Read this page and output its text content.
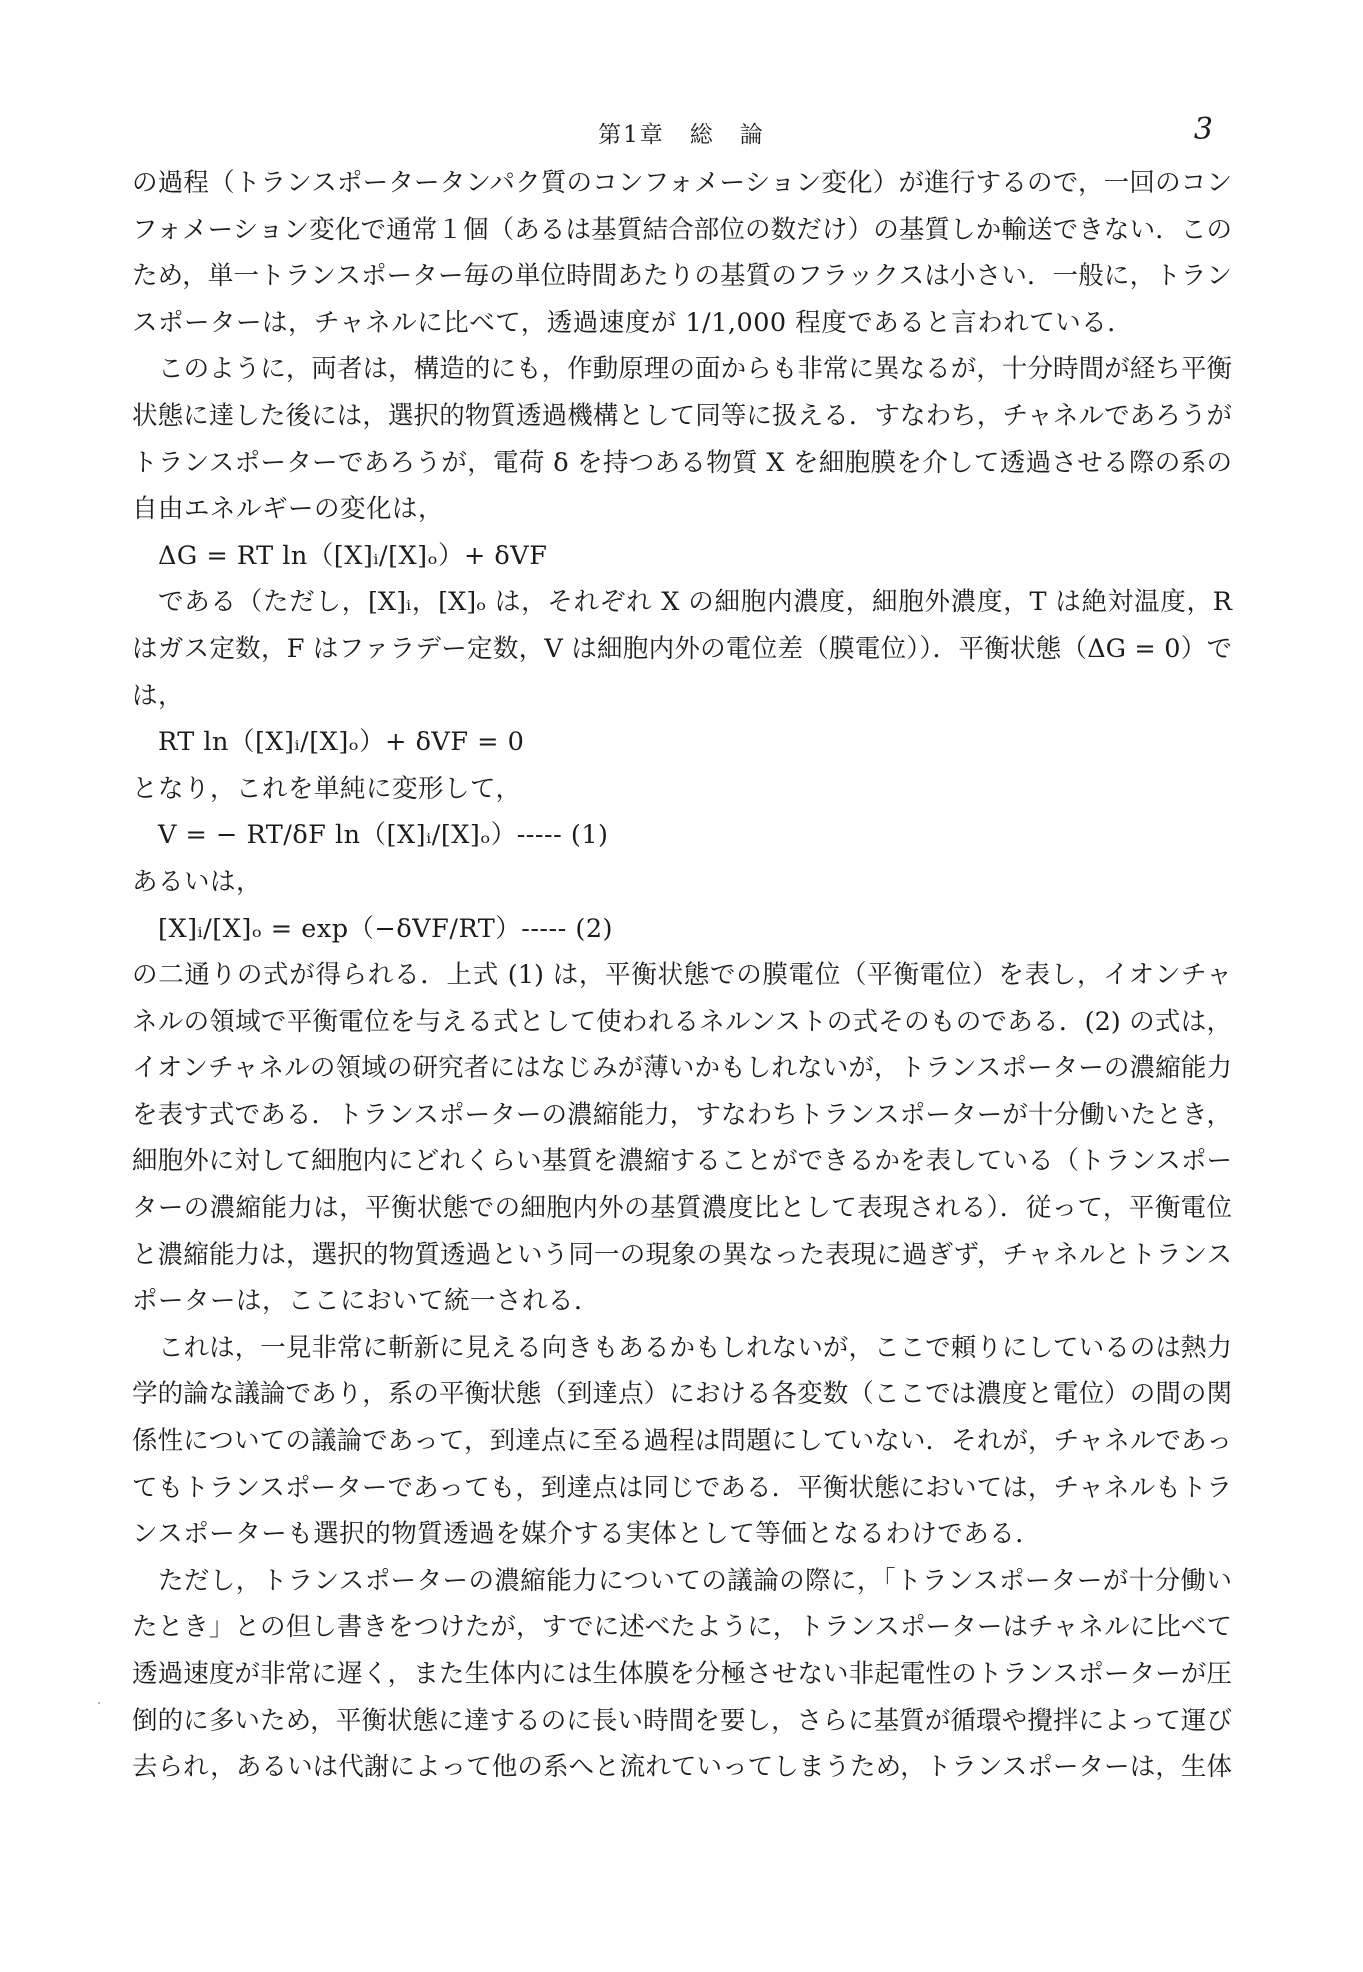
第1章　総　論	3
の過程（トランスポータータンパク質のコンフォメーション変化）が進行するので，一回のコン
フォメーション変化で通常１個（あるは基質結合部位の数だけ）の基質しか輸送できない．この
ため，単一トランスポーター毎の単位時間あたりの基質のフラックスは小さい．一般に，トラン
スポーターは，チャネルに比べて，透過速度が 1/1,000 程度であると言われている．
このように，両者は，構造的にも，作動原理の面からも非常に異なるが，十分時間が経ち平衡
状態に達した後には，選択的物質透過機構として同等に扱える．すなわち，チャネルであろうが
トランスポーターであろうが，電荷 δ を持つある物質 X を細胞膜を介して透過させる際の系の
自由エネルギーの変化は，
ΔG = RT ln（[X]ᵢ/[X]ₒ）+ δVF
である（ただし，[X]ᵢ，[X]ₒ は，それぞれ X の細胞内濃度，細胞外濃度，T は絶対温度，R
はガス定数，F はファラデー定数，V は細胞内外の電位差（膜電位））．平衡状態（ΔG = 0）で
は，
RT ln（[X]ᵢ/[X]ₒ）+ δVF = 0
となり，これを単純に変形して，
V = − RT/δF ln（[X]ᵢ/[X]ₒ）----- (1)
あるいは，
[X]ᵢ/[X]ₒ = exp（−δVF/RT）----- (2)
の二通りの式が得られる．上式 (1) は，平衡状態での膜電位（平衡電位）を表し，イオンチャ
ネルの領域で平衡電位を与える式として使われるネルンストの式そのものである．(2) の式は，
イオンチャネルの領域の研究者にはなじみが薄いかもしれないが，トランスポーターの濃縮能力
を表す式である．トランスポーターの濃縮能力，すなわちトランスポーターが十分働いたとき，
細胞外に対して細胞内にどれくらい基質を濃縮することができるかを表している（トランスポー
ターの濃縮能力は，平衡状態での細胞内外の基質濃度比として表現される）．従って，平衡電位
と濃縮能力は，選択的物質透過という同一の現象の異なった表現に過ぎず，チャネルとトランス
ポーターは，ここにおいて統一される．
これは，一見非常に斬新に見える向きもあるかもしれないが，ここで頼りにしているのは熱力
学的論な議論であり，系の平衡状態（到達点）における各変数（ここでは濃度と電位）の間の関
係性についての議論であって，到達点に至る過程は問題にしていない．それが，チャネルであっ
てもトランスポーターであっても，到達点は同じである．平衡状態においては，チャネルもトラ
ンスポーターも選択的物質透過を媒介する実体として等価となるわけである．
ただし，トランスポーターの濃縮能力についての議論の際に，「トランスポーターが十分働い
たとき」との但し書きをつけたが，すでに述べたように，トランスポーターはチャネルに比べて
透過速度が非常に遅く，また生体内には生体膜を分極させない非起電性のトランスポーターが圧
倒的に多いため，平衡状態に達するのに長い時間を要し，さらに基質が循環や攪拌によって運び
去られ，あるいは代謝によって他の系へと流れていってしまうため，トランスポーターは，生体
